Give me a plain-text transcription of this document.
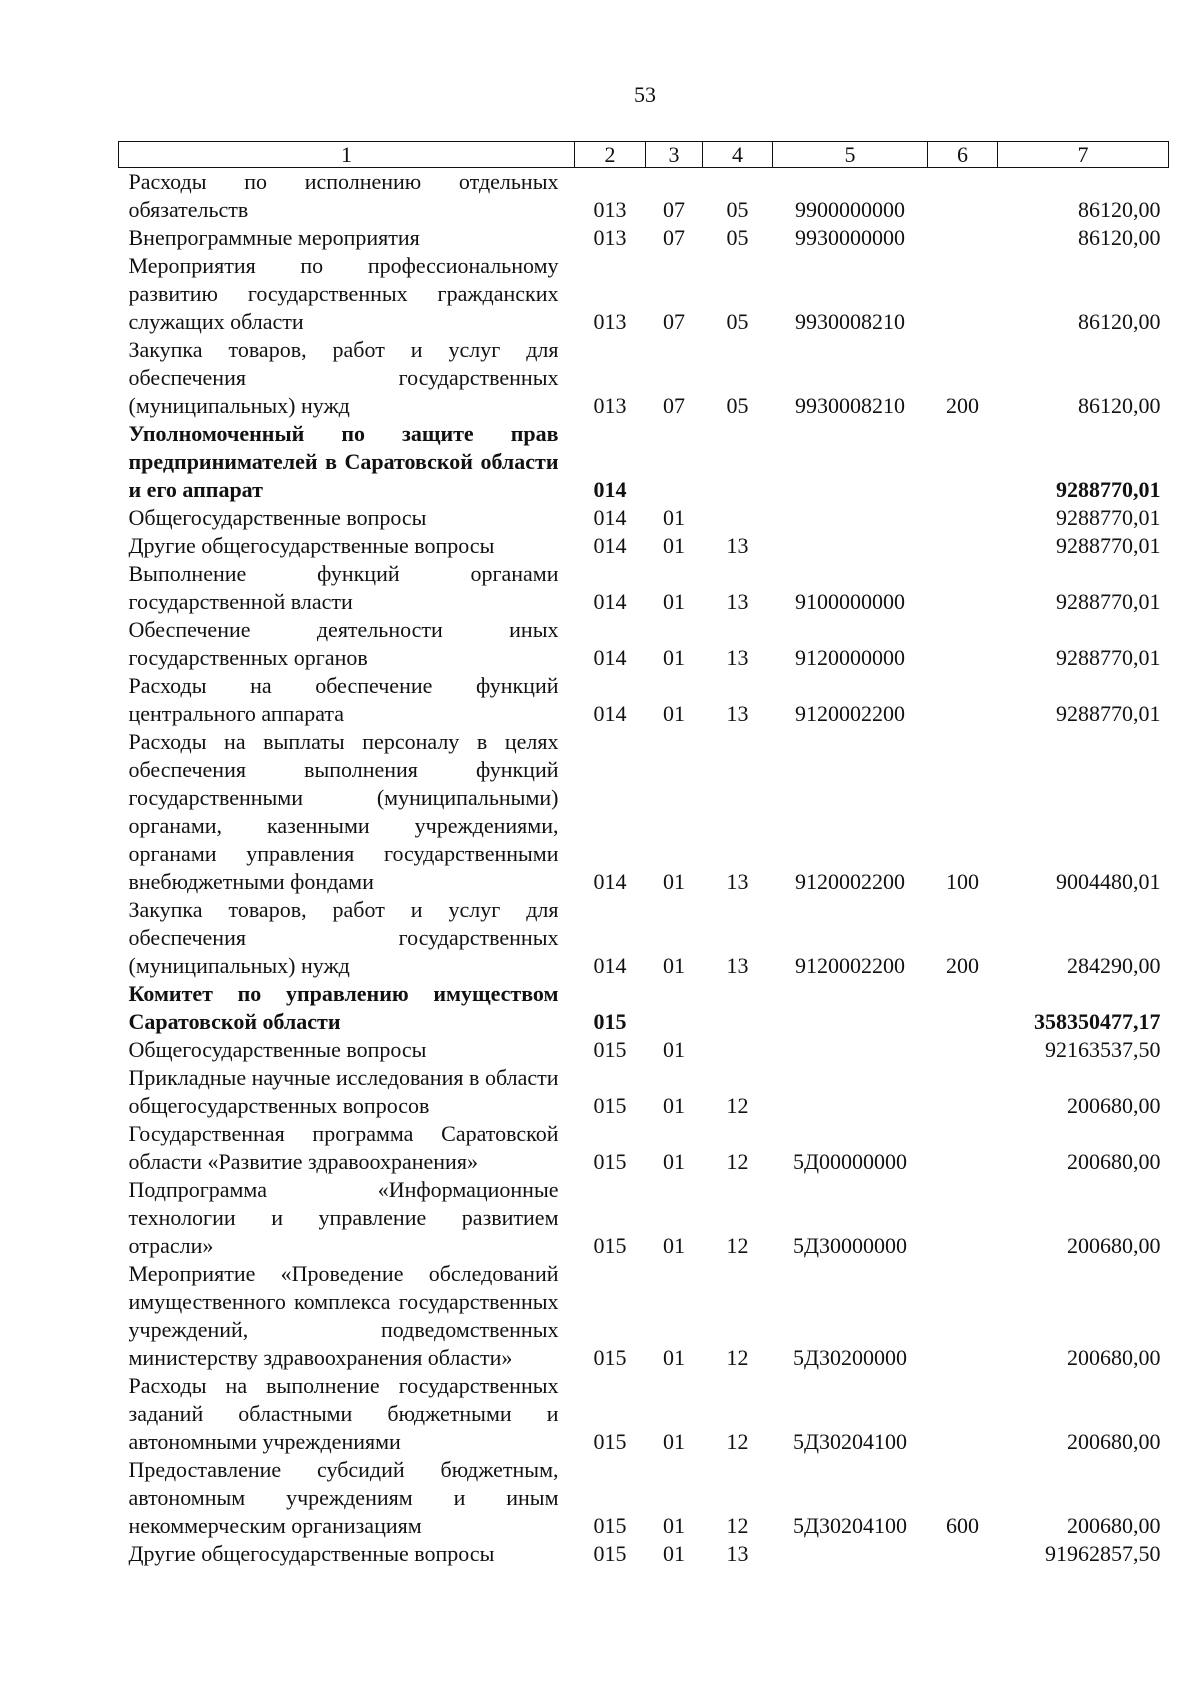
53
1	2	3	4	5	6	7
Расходы по исполнению отдельных обязательств	013	07	05	9900000000		86120,00
Внепрограммные мероприятия	013	07	05	9930000000		86120,00
Мероприятия по профессиональному развитию государственных гражданских служащих области	013	07	05	9930008210		86120,00
Закупка товаров, работ и услуг для обеспечения государственных (муниципальных) нужд	013	07	05	9930008210	200	86120,00
Уполномоченный по защите прав предпринимателей в Саратовской области и его аппарат	014					9288770,01
Общегосударственные вопросы	014	01				9288770,01
Другие общегосударственные вопросы	014	01	13			9288770,01
Выполнение функций органами государственной власти	014	01	13	9100000000		9288770,01
Обеспечение деятельности иных государственных органов	014	01	13	9120000000		9288770,01
Расходы на обеспечение функций центрального аппарата	014	01	13	9120002200		9288770,01
Расходы на выплаты персоналу в целях обеспечения выполнения функций государственными (муниципальными) органами, казенными учреждениями, органами управления государственными внебюджетными фондами	014	01	13	9120002200	100	9004480,01
Закупка товаров, работ и услуг для обеспечения государственных (муниципальных) нужд	014	01	13	9120002200	200	284290,00
Комитет по управлению имуществом Саратовской области	015					358350477,17
Общегосударственные вопросы	015	01				92163537,50
Прикладные научные исследования в области общегосударственных вопросов	015	01	12			200680,00
Государственная программа Саратовской области «Развитие здравоохранения»	015	01	12	5Д00000000		200680,00
Подпрограмма «Информационные технологии и управление развитием отрасли»	015	01	12	5Д30000000		200680,00
Мероприятие «Проведение обследований имущественного комплекса государственных учреждений, подведомственных министерству здравоохранения области»	015	01	12	5Д30200000		200680,00
Расходы на выполнение государственных заданий областными бюджетными и автономными учреждениями	015	01	12	5Д30204100		200680,00
Предоставление субсидий бюджетным, автономным учреждениям и иным некоммерческим организациям	015	01	12	5Д30204100	600	200680,00
Другие общегосударственные вопросы	015	01	13			91962857,50
